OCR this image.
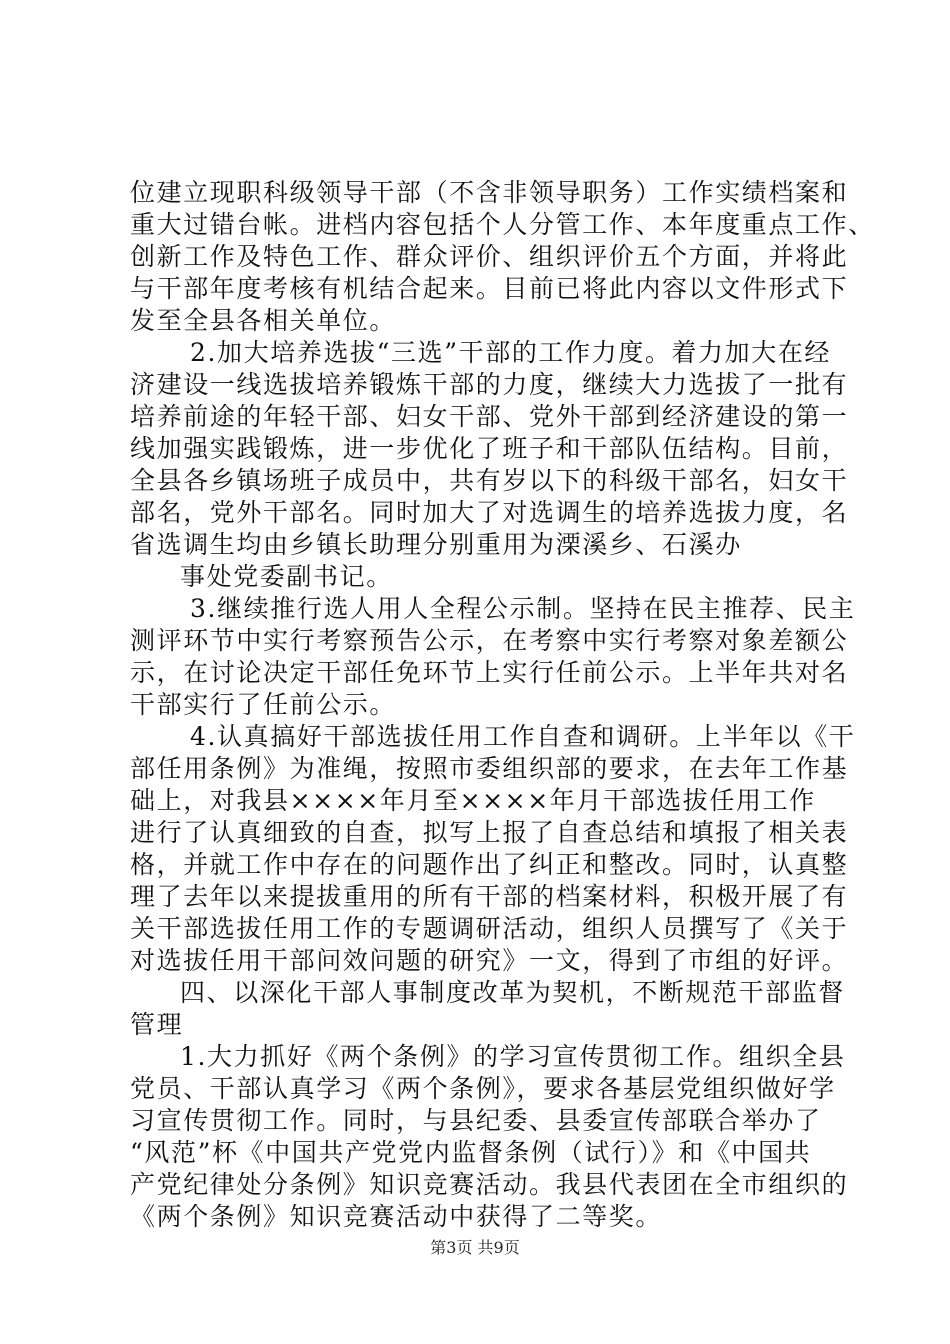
位建立现职科级领导干部（不含非领导职务）工作实绩档案和
重大过错台帐。进档内容包括个人分管工作、本年度重点工作、
创新工作及特色工作、群众评价、组织评价五个方面，并将此
与干部年度考核有机结合起来。目前已将此内容以文件形式下
发至全县各相关单位。
2.加大培养选拔“三选”干部的工作力度。着力加大在经
济建设一线选拔培养锻炼干部的力度，继续大力选拔了一批有
培养前途的年轻干部、妇女干部、党外干部到经济建设的第一
线加强实践锻炼，进一步优化了班子和干部队伍结构。目前，
全县各乡镇场班子成员中，共有岁以下的科级干部名，妇女干
部名，党外干部名。同时加大了对选调生的培养选拔力度，名
省选调生均由乡镇长助理分别重用为溧溪乡、石溪办
事处党委副书记。
3.继续推行选人用人全程公示制。坚持在民主推荐、民主
测评环节中实行考察预告公示，在考察中实行考察对象差额公
示，在讨论决定干部任免环节上实行任前公示。上半年共对名
干部实行了任前公示。
4.认真搞好干部选拔任用工作自查和调研。上半年以《干
部任用条例》为准绳，按照市委组织部的要求，在去年工作基
础上，对我县××××年月至××××年月干部选拔任用工作
进行了认真细致的自查，拟写上报了自查总结和填报了相关表
格，并就工作中存在的问题作出了纠正和整改。同时，认真整
理了去年以来提拔重用的所有干部的档案材料，积极开展了有
关干部选拔任用工作的专题调研活动，组织人员撰写了《关于
对选拔任用干部问效问题的研究》一文，得到了市组的好评。
四、以深化干部人事制度改革为契机，不断规范干部监督
管理
1.大力抓好《两个条例》的学习宣传贯彻工作。组织全县
党员、干部认真学习《两个条例》，要求各基层党组织做好学
习宣传贯彻工作。同时，与县纪委、县委宣传部联合举办了
“风范”杯《中国共产党党内监督条例（试行）》和《中国共
产党纪律处分条例》知识竞赛活动。我县代表团在全市组织的
《两个条例》知识竞赛活动中获得了二等奖。
第3页 共9页
